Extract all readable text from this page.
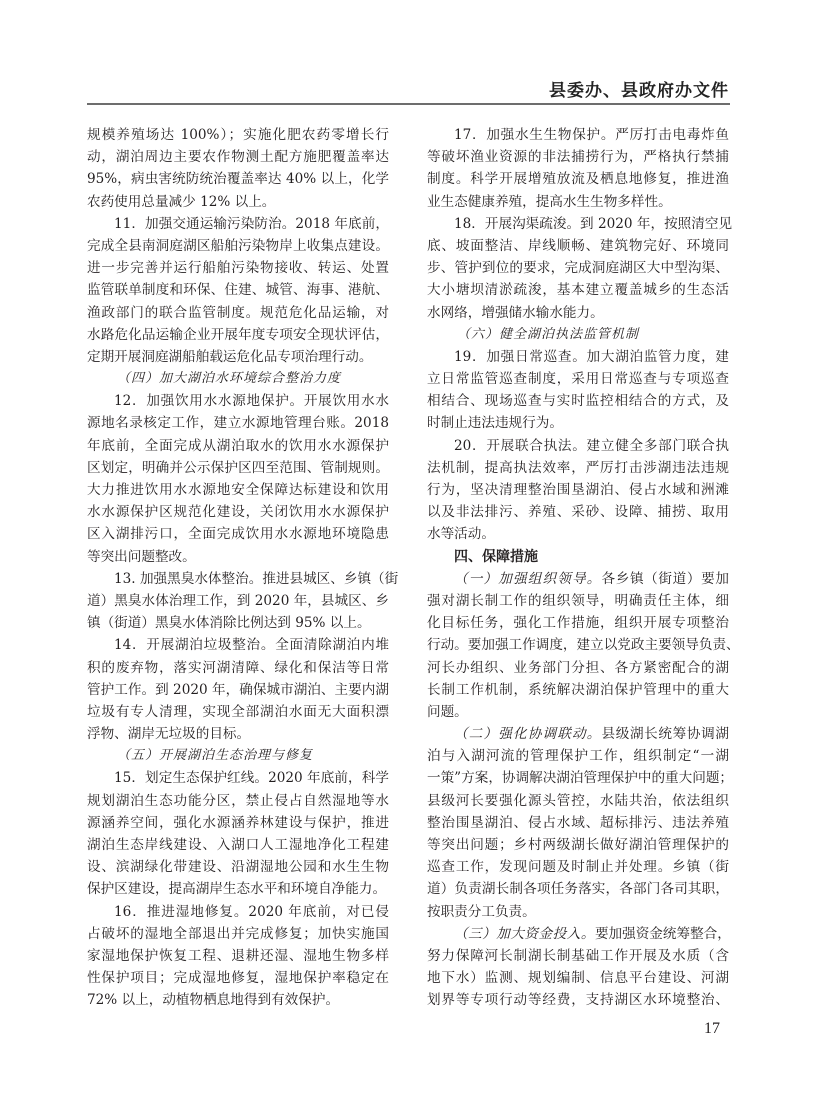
县委办、县政府办文件
规模养殖场达 100%）；实施化肥农药零增长行
动，湖泊周边主要农作物测土配方施肥覆盖率达
95%，病虫害统防统治覆盖率达 40% 以上，化学
农药使用总量减少 12% 以上。
11．加强交通运输污染防治。2018 年底前，
完成全县南洞庭湖区船舶污染物岸上收集点建设。
进一步完善并运行船舶污染物接收、转运、处置
监管联单制度和环保、住建、城管、海事、港航、
渔政部门的联合监管制度。规范危化品运输，对
水路危化品运输企业开展年度专项安全现状评估，
定期开展洞庭湖船舶载运危化品专项治理行动。
（四）加大湖泊水环境综合整治力度
12．加强饮用水水源地保护。开展饮用水水
源地名录核定工作，建立水源地管理台账。2018
年底前，全面完成从湖泊取水的饮用水水源保护
区划定，明确并公示保护区四至范围、管制规则。
大力推进饮用水水源地安全保障达标建设和饮用
水水源保护区规范化建设，关闭饮用水水源保护
区入湖排污口，全面完成饮用水水源地环境隐患
等突出问题整改。
13. 加强黑臭水体整治。推进县城区、乡镇（街
道）黑臭水体治理工作，到 2020 年，县城区、乡
镇（街道）黑臭水体消除比例达到 95% 以上。
14．开展湖泊垃圾整治。全面清除湖泊内堆
积的废弃物，落实河湖清障、绿化和保洁等日常
管护工作。到 2020 年，确保城市湖泊、主要内湖
垃圾有专人清理，实现全部湖泊水面无大面积漂
浮物、湖岸无垃圾的目标。
（五）开展湖泊生态治理与修复
15．划定生态保护红线。2020 年底前，科学
规划湖泊生态功能分区，禁止侵占自然湿地等水
源涵养空间，强化水源涵养林建设与保护，推进
湖泊生态岸线建设、入湖口人工湿地净化工程建
设、滨湖绿化带建设、沿湖湿地公园和水生生物
保护区建设，提高湖岸生态水平和环境自净能力。
16．推进湿地修复。2020 年底前，对已侵
占破坏的湿地全部退出并完成修复；加快实施国
家湿地保护恢复工程、退耕还湿、湿地生物多样
性保护项目；完成湿地修复，湿地保护率稳定在
72% 以上，动植物栖息地得到有效保护。
17．加强水生生物保护。严厉打击电毒炸鱼
等破坏渔业资源的非法捕捞行为，严格执行禁捕
制度。科学开展增殖放流及栖息地修复，推进渔
业生态健康养殖，提高水生生物多样性。
18．开展沟渠疏浚。到 2020 年，按照清空见
底、坡面整洁、岸线顺畅、建筑物完好、环境同
步、管护到位的要求，完成洞庭湖区大中型沟渠、
大小塘坝清淤疏浚，基本建立覆盖城乡的生态活
水网络，增强储水输水能力。
（六）健全湖泊执法监管机制
19．加强日常巡查。加大湖泊监管力度，建
立日常监管巡查制度，采用日常巡查与专项巡查
相结合、现场巡查与实时监控相结合的方式，及
时制止违法违规行为。
20．开展联合执法。建立健全多部门联合执
法机制，提高执法效率，严厉打击涉湖违法违规
行为，坚决清理整治围垦湖泊、侵占水域和洲滩
以及非法排污、养殖、采砂、设障、捕捞、取用
水等活动。
四、保障措施
（一）加强组织领导。各乡镇（街道）要加
强对湖长制工作的组织领导，明确责任主体，细
化目标任务，强化工作措施，组织开展专项整治
行动。要加强工作调度，建立以党政主要领导负责、
河长办组织、业务部门分担、各方紧密配合的湖
长制工作机制，系统解决湖泊保护管理中的重大
问题。
（二）强化协调联动。县级湖长统筹协调湖
泊与入湖河流的管理保护工作，组织制定“一湖
一策”方案，协调解决湖泊管理保护中的重大问题；
县级河长要强化源头管控，水陆共治，依法组织
整治围垦湖泊、侵占水域、超标排污、违法养殖
等突出问题；乡村两级湖长做好湖泊管理保护的
巡查工作，发现问题及时制止并处理。乡镇（街
道）负责湖长制各项任务落实，各部门各司其职，
按职责分工负责。
（三）加大资金投入。要加强资金统筹整合，
努力保障河长制湖长制基础工作开展及水质（含
地下水）监测、规划编制、信息平台建设、河湖
划界等专项行动等经费，支持湖区水环境整治、
17
